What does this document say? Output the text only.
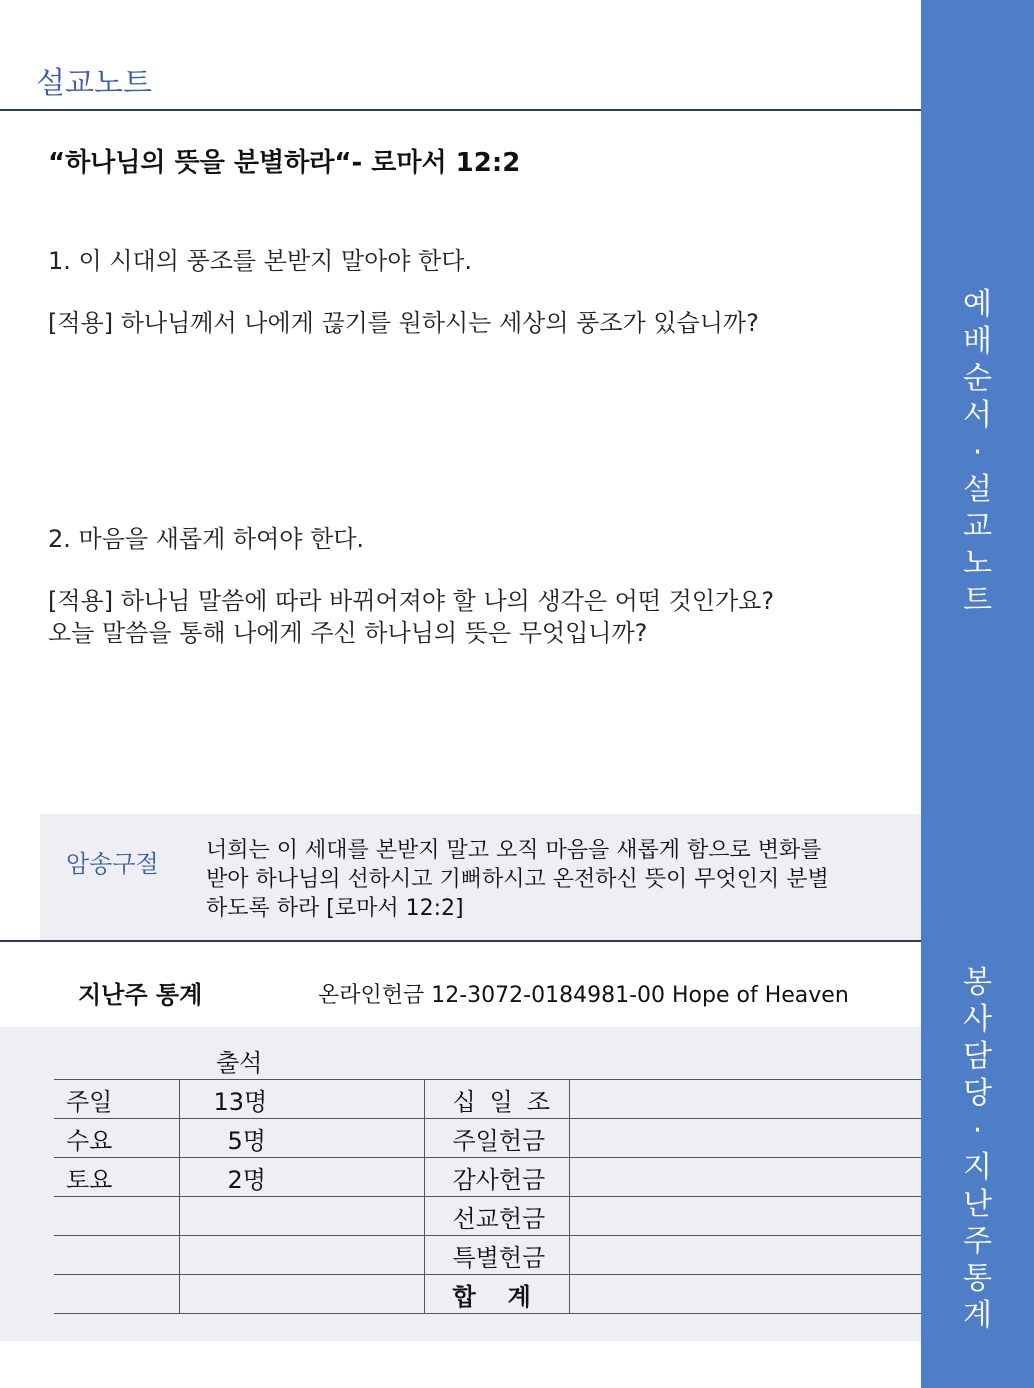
설교노트
“하나님의 뜻을 분별하라“- 로마서 12:2
1. 이 시대의 풍조를 본받지 말아야 한다.
[적용] 하나님께서 나에게 끊기를 원하시는 세상의 풍조가 있습니까?
2. 마음을 새롭게 하여야 한다.
[적용] 하나님 말씀에 따라 바뀌어져야 할 나의 생각은 어떤 것인가요?
오늘 말씀을 통해 나에게 주신 하나님의 뜻은 무엇입니까?
암송구절 너희는 이 세대를 본받지 말고 오직 마음을 새롭게 함으로 변화를
받아 하나님의 선하시고 기뻐하시고 온전하신 뜻이 무엇인지 분별
하도록 하라 [로마서 12:2]
지난주 통계	온라인헌금 12-3072-0184981-00 Hope of Heaven
출석
주일	13명	십일조	
수요	5명	주일헌금	
토요	2명	감사헌금	
		선교헌금	
		특별헌금	
		합계	
예
배
순
서
·
설
교
노
트
봉
사
담
당
·
지
난
주
통
계
